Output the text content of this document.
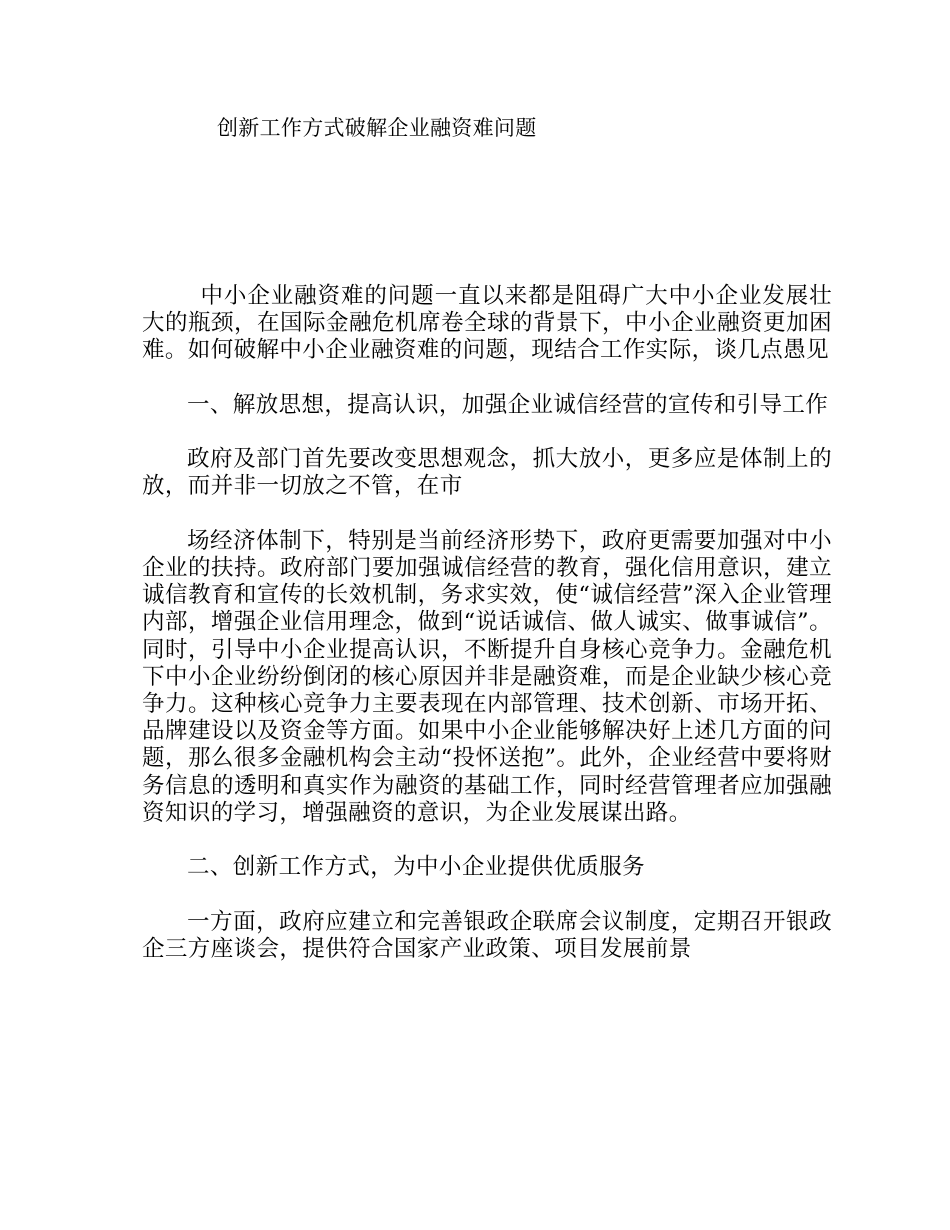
创新工作方式破解企业融资难问题

中小企业融资难的问题一直以来都是阻碍广大中小企业发展壮大的瓶颈，在国际金融危机席卷全球的背景下，中小企业融资更加困难。如何破解中小企业融资难的问题，现结合工作实际，谈几点愚见

一、解放思想，提高认识，加强企业诚信经营的宣传和引导工作

政府及部门首先要改变思想观念，抓大放小，更多应是体制上的放，而并非一切放之不管，在市

场经济体制下，特别是当前经济形势下，政府更需要加强对中小企业的扶持。政府部门要加强诚信经营的教育，强化信用意识，建立诚信教育和宣传的长效机制，务求实效，使“诚信经营”深入企业管理内部，增强企业信用理念，做到“说话诚信、做人诚实、做事诚信”。同时，引导中小企业提高认识，不断提升自身核心竞争力。金融危机下中小企业纷纷倒闭的核心原因并非是融资难，而是企业缺少核心竞争力。这种核心竞争力主要表现在内部管理、技术创新、市场开拓、品牌建设以及资金等方面。如果中小企业能够解决好上述几方面的问题，那么很多金融机构会主动“投怀送抱”。此外，企业经营中要将财务信息的透明和真实作为融资的基础工作，同时经营管理者应加强融资知识的学习，增强融资的意识，为企业发展谋出路。

二、创新工作方式，为中小企业提供优质服务

一方面，政府应建立和完善银政企联席会议制度，定期召开银政企三方座谈会，提供符合国家产业政策、项目发展前景
